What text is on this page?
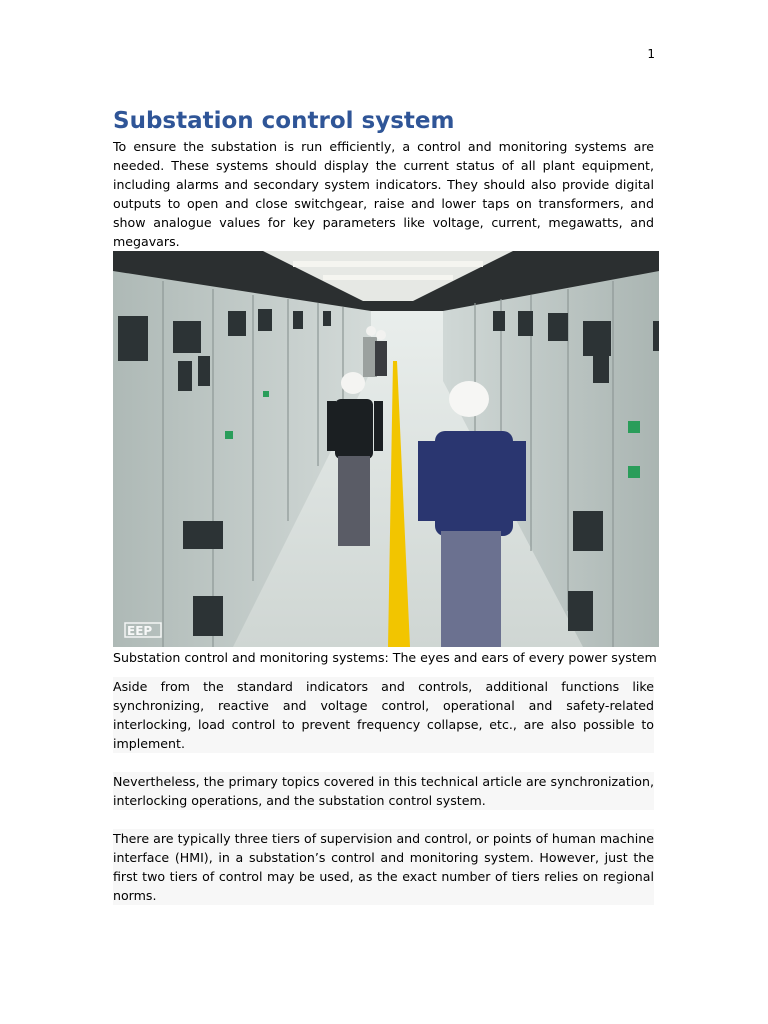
1
Substation control system

To ensure the substation is run efficiently, a control and monitoring systems are needed. These systems should display the current status of all plant equipment, including alarms and secondary system indicators. They should also provide digital outputs to open and close switchgear, raise and lower taps on transformers, and show analogue values for key parameters like voltage, current, megawatts, and megavars.

EEP

Substation control and monitoring systems: The eyes and ears of every power system

Aside from the standard indicators and controls, additional functions like synchronizing, reactive and voltage control, operational and safety-related interlocking, load control to prevent frequency collapse, etc., are also possible to implement.

Nevertheless, the primary topics covered in this technical article are synchronization, interlocking operations, and the substation control system.

There are typically three tiers of supervision and control, or points of human machine interface (HMI), in a substation’s control and monitoring system. However, just the first two tiers of control may be used, as the exact number of tiers relies on regional norms.
